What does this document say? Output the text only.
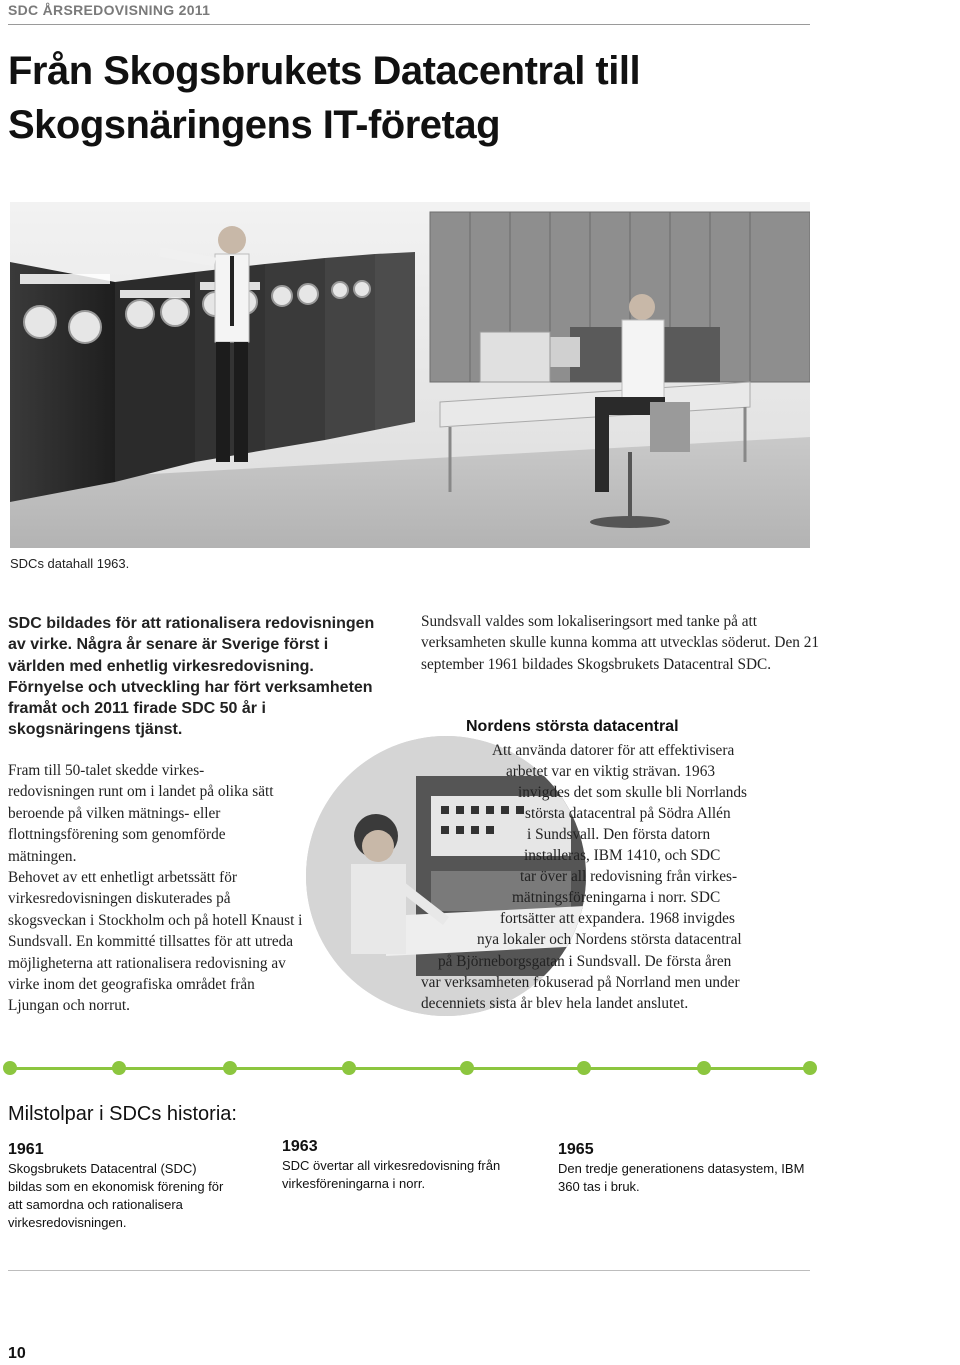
SDC ÅRSREDOVISNING 2011
Från Skogsbrukets Datacentral till
Skogsnäringens IT-företag
SDCs datahall 1963.
SDC bildades för att rationalisera redovisningen av virke. Några år senare är Sverige först i världen med enhetlig virkesredovisning. Förnyelse och utveckling har fört verksamheten framåt och 2011 firade SDC 50 år i skogsnäringens tjänst.

Fram till 50-talet skedde virkes-redovisningen runt om i landet på olika sätt beroende på vilken mätnings- eller flottningsförening som genomförde mätningen.

Behovet av ett enhetligt arbetssätt för virkesredovisningen diskuterades på skogsveckan i Stockholm och på hotell Knaust i Sundsvall. En kommitté tillsattes för att utreda möjligheterna att rationalisera redovisning av virke inom det geografiska området från Ljungan och norrut.

Sundsvall valdes som lokaliseringsort med tanke på att verksamheten skulle kunna komma att utvecklas söderut. Den 21 september 1961 bildades Skogsbrukets Datacentral SDC.
Nordens största datacentral
Att använda datorer för att effektivisera
arbetet var en viktig strävan. 1963
invigdes det som skulle bli Norrlands
största datacentral på Södra Allén
i Sundsvall. Den första datorn
installeras, IBM 1410, och SDC
tar över all redovisning från virkes-
mätningsföreningarna i norr. SDC
fortsätter att expandera. 1968 invigdes
nya lokaler och Nordens största datacentral
på Björneborgsgatan i Sundsvall. De första åren
var verksamheten fokuserad på Norrland men under
decenniets sista år blev hela landet anslutet.
Milstolpar i SDCs historia:
1961
Skogsbrukets Datacentral (SDC) bildas som en ekonomisk förening för att samordna och rationalisera virkesredovisningen.
1963
SDC övertar all virkesredovisning från virkesföreningarna i norr.
1965
Den tredje generationens datasystem, IBM 360 tas i bruk.
10
